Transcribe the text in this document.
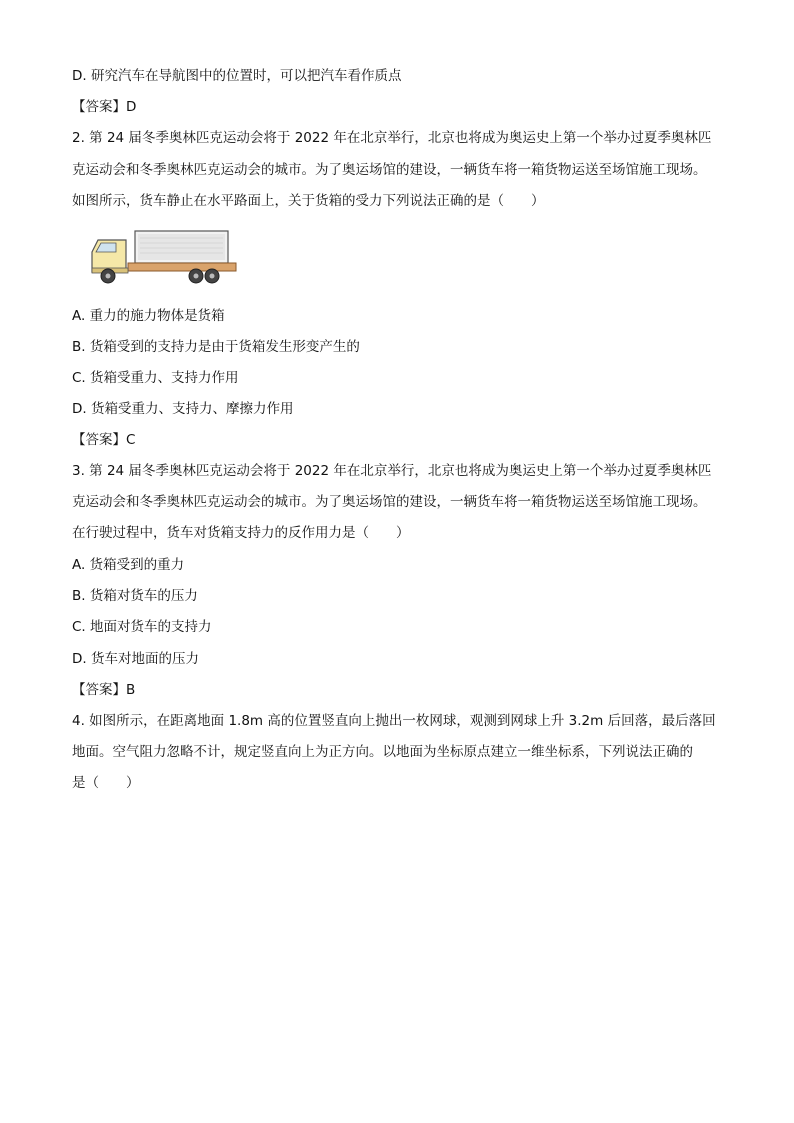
D. 研究汽车在导航图中的位置时，可以把汽车看作质点
【答案】D
2. 第 24 届冬季奥林匹克运动会将于 2022 年在北京举行，北京也将成为奥运史上第一个举办过夏季奥林匹
克运动会和冬季奥林匹克运动会的城市。为了奥运场馆的建设，一辆货车将一箱货物运送至场馆施工现场。
如图所示，货车静止在水平路面上，关于货箱的受力下列说法正确的是（　　）
A. 重力的施力物体是货箱
B. 货箱受到的支持力是由于货箱发生形变产生的
C. 货箱受重力、支持力作用
D. 货箱受重力、支持力、摩擦力作用
【答案】C
3. 第 24 届冬季奥林匹克运动会将于 2022 年在北京举行，北京也将成为奥运史上第一个举办过夏季奥林匹
克运动会和冬季奥林匹克运动会的城市。为了奥运场馆的建设，一辆货车将一箱货物运送至场馆施工现场。
在行驶过程中，货车对货箱支持力的反作用力是（　　）
A. 货箱受到的重力
B. 货箱对货车的压力
C. 地面对货车的支持力
D. 货车对地面的压力
【答案】B
4. 如图所示，在距离地面 1.8m 高的位置竖直向上抛出一枚网球，观测到网球上升 3.2m 后回落，最后落回
地面。空气阻力忽略不计，规定竖直向上为正方向。以地面为坐标原点建立一维坐标系，下列说法正确的
是（　　）
